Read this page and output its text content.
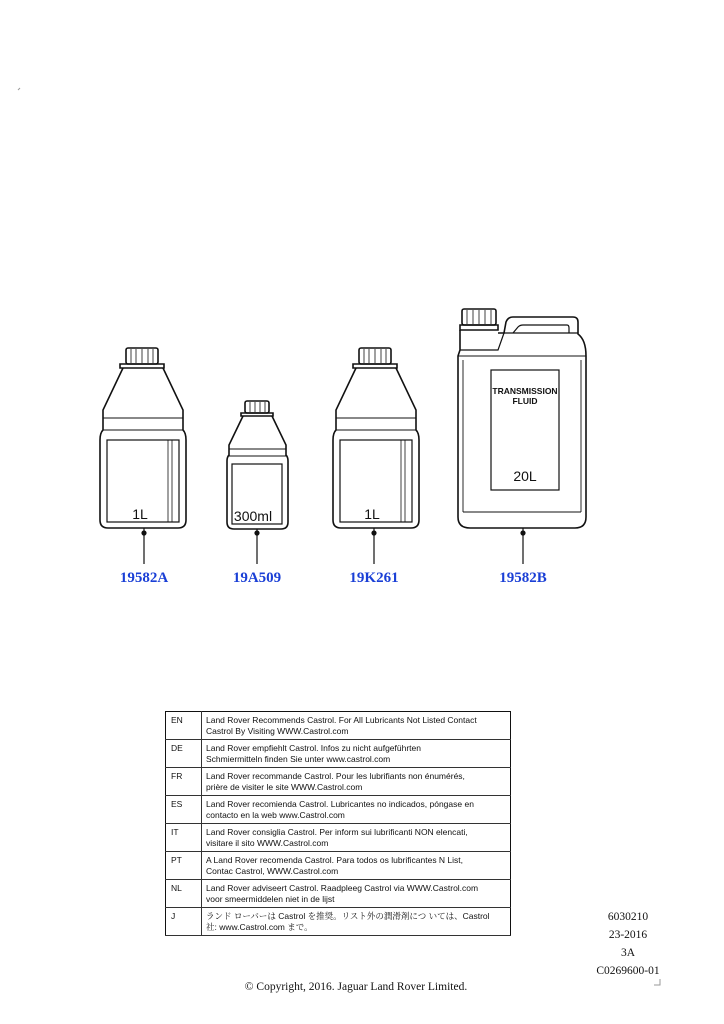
1L	300ml	1L
TRANSMISSION
FLUID
20L
19582A	19A509	19K261	19582B
EN	Land Rover Recommends Castrol. For All Lubricants Not Listed Contact
Castrol By Visiting WWW.Castrol.com
DE	Land Rover empfiehlt Castrol. Infos zu nicht aufgeführten
Schmiermitteln finden Sie unter www.castrol.com
FR	Land Rover recommande Castrol. Pour les lubrifiants non énumérés,
prière de visiter le site WWW.Castrol.com
ES	Land Rover recomienda Castrol. Lubricantes no indicados, póngase en
contacto en la web www.Castrol.com
IT	Land Rover consiglia Castrol. Per inform sui lubrificanti NON elencati,
visitare il sito WWW.Castrol.com
PT	A Land Rover recomenda Castrol. Para todos os lubrificantes N List,
Contac Castrol, WWW.Castrol.com
NL	Land Rover adviseert Castrol. Raadpleeg Castrol via WWW.Castrol.com
voor smeermiddelen niet in de lijst
J	ランド ローバーは Castrol を推奨。リスト外の潤滑剤につ いては、Castrol
社: www.Castrol.com まで。
6030210
23-2016
3A
C0269600-01
© Copyright, 2016. Jaguar Land Rover Limited.
